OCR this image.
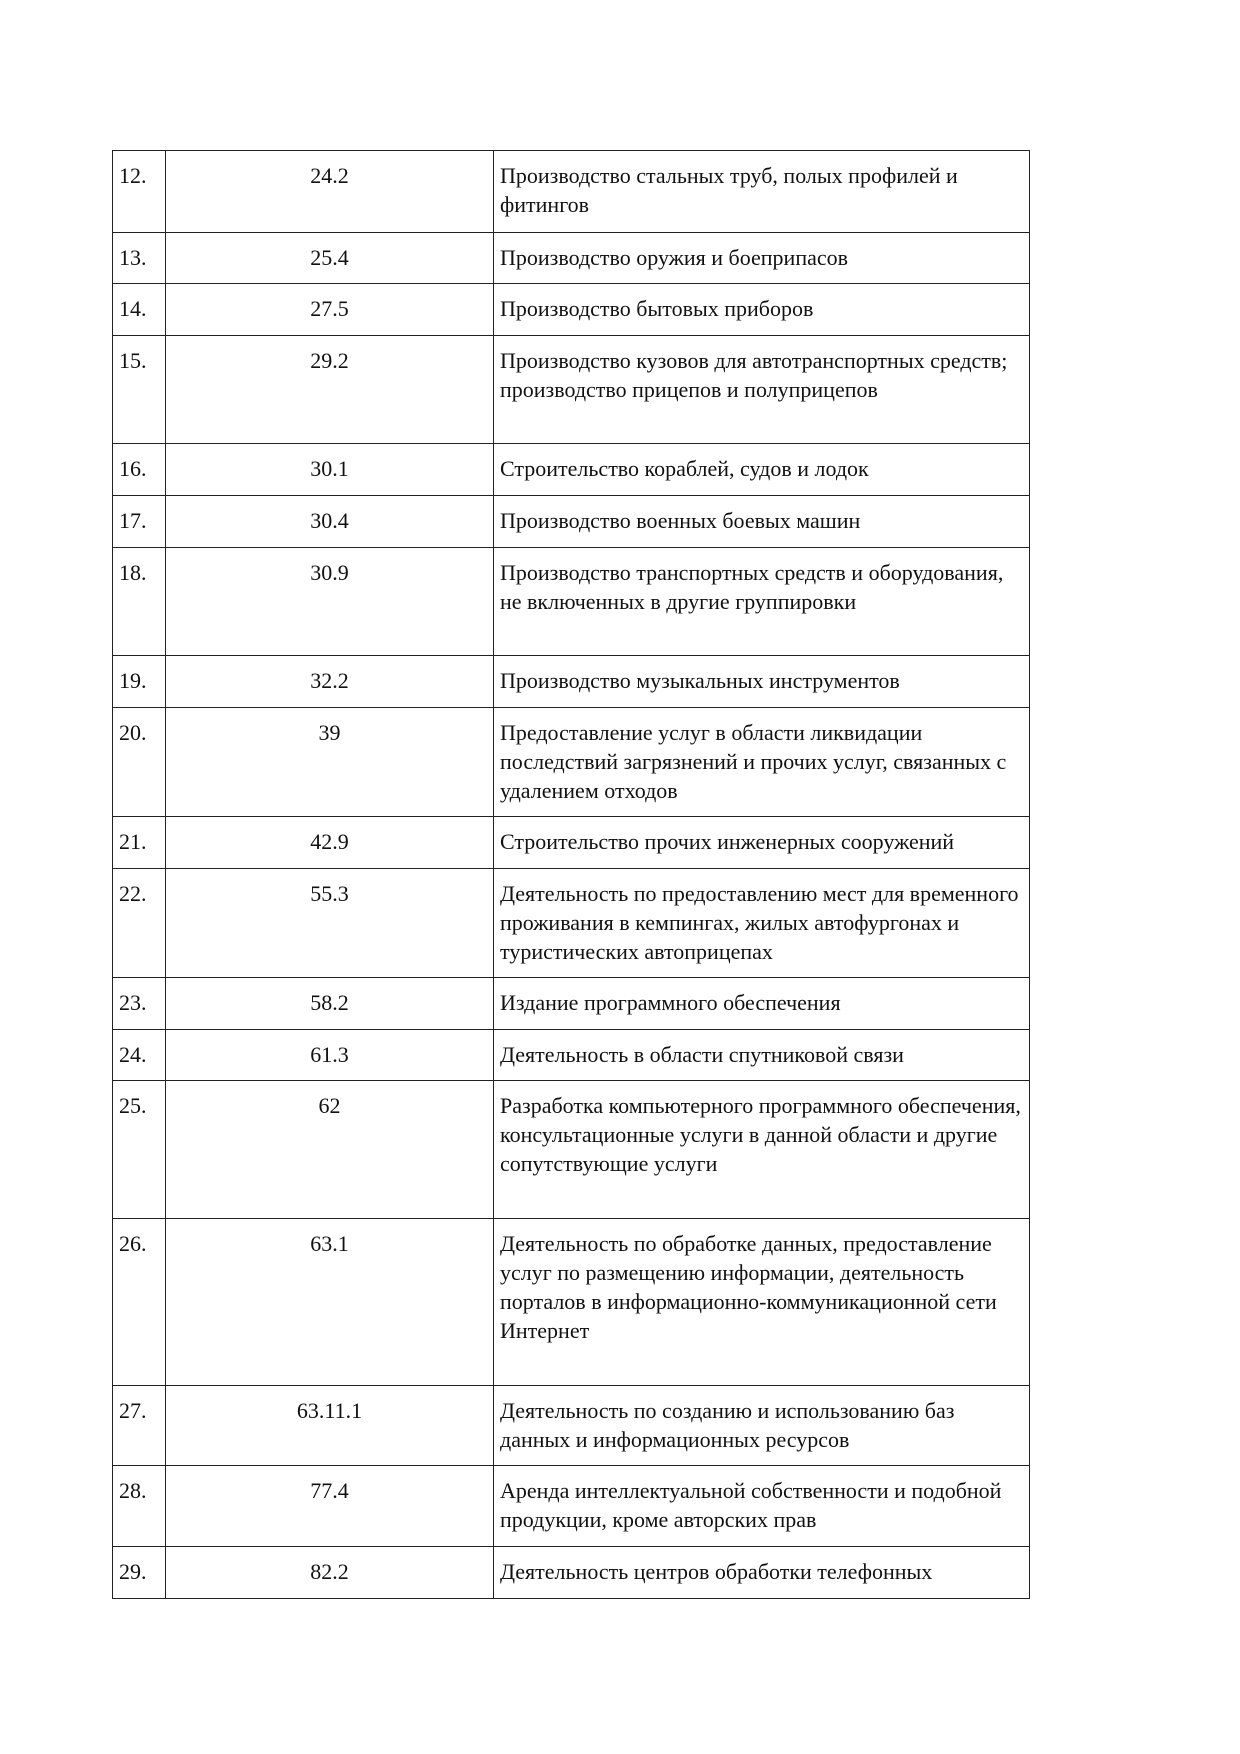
12.	24.2	Производство стальных труб, полых профилей и фитингов
13.	25.4	Производство оружия и боеприпасов
14.	27.5	Производство бытовых приборов
15.	29.2	Производство кузовов для автотранспортных средств; производство прицепов и полуприцепов
16.	30.1	Строительство кораблей, судов и лодок
17.	30.4	Производство военных боевых машин
18.	30.9	Производство транспортных средств и оборудования, не включенных в другие группировки
19.	32.2	Производство музыкальных инструментов
20.	39	Предоставление услуг в области ликвидации последствий загрязнений и прочих услуг, связанных с удалением отходов
21.	42.9	Строительство прочих инженерных сооружений
22.	55.3	Деятельность по предоставлению мест для временного проживания в кемпингах, жилых автофургонах и туристических автоприцепах
23.	58.2	Издание программного обеспечения
24.	61.3	Деятельность в области спутниковой связи
25.	62	Разработка компьютерного программного обеспечения, консультационные услуги в данной области и другие сопутствующие услуги
26.	63.1	Деятельность по обработке данных, предоставление услуг по размещению информации, деятельность порталов в информационно-коммуникационной сети Интернет
27.	63.11.1	Деятельность по созданию и использованию баз данных и информационных ресурсов
28.	77.4	Аренда интеллектуальной собственности и подобной продукции, кроме авторских прав
29.	82.2	Деятельность центров обработки телефонных
